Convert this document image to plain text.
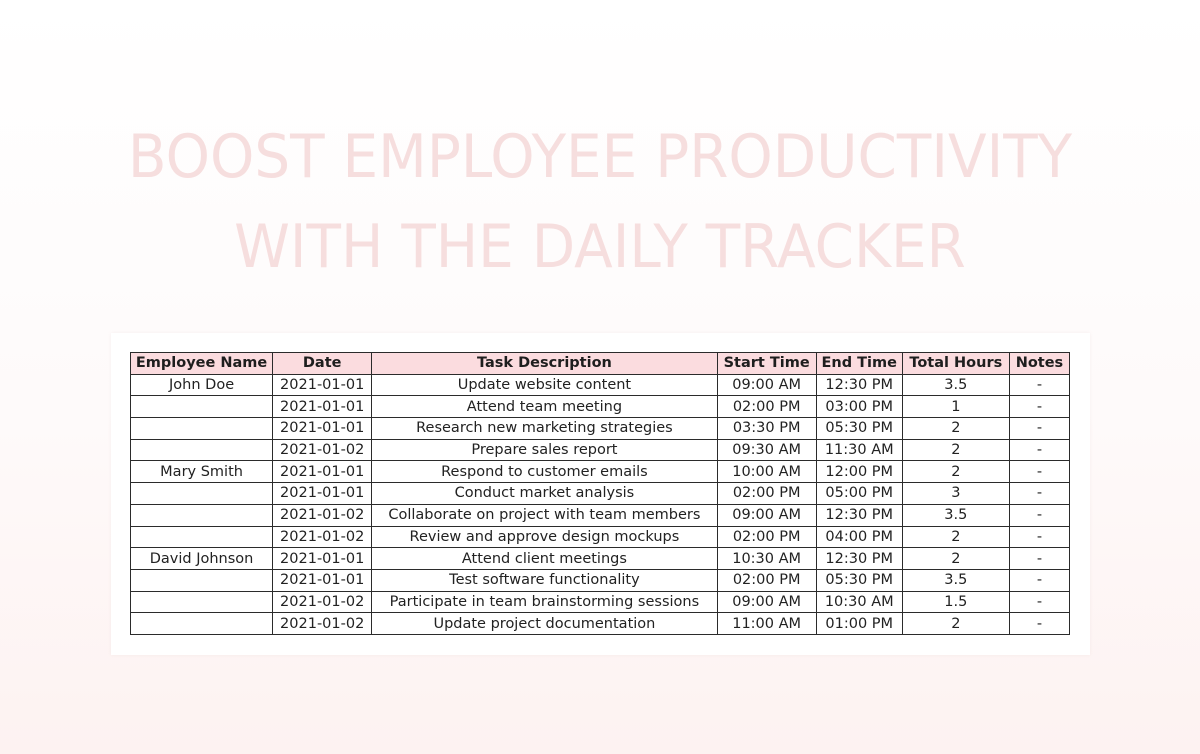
BOOST EMPLOYEE PRODUCTIVITY
WITH THE DAILY TRACKER
Employee Name	Date	Task Description	Start Time	End Time	Total Hours	Notes
John Doe	2021-01-01	Update website content	09:00 AM	12:30 PM	3.5	-
	2021-01-01	Attend team meeting	02:00 PM	03:00 PM	1	-
	2021-01-01	Research new marketing strategies	03:30 PM	05:30 PM	2	-
	2021-01-02	Prepare sales report	09:30 AM	11:30 AM	2	-
Mary Smith	2021-01-01	Respond to customer emails	10:00 AM	12:00 PM	2	-
	2021-01-01	Conduct market analysis	02:00 PM	05:00 PM	3	-
	2021-01-02	Collaborate on project with team members	09:00 AM	12:30 PM	3.5	-
	2021-01-02	Review and approve design mockups	02:00 PM	04:00 PM	2	-
David Johnson	2021-01-01	Attend client meetings	10:30 AM	12:30 PM	2	-
	2021-01-01	Test software functionality	02:00 PM	05:30 PM	3.5	-
	2021-01-02	Participate in team brainstorming sessions	09:00 AM	10:30 AM	1.5	-
	2021-01-02	Update project documentation	11:00 AM	01:00 PM	2	-
